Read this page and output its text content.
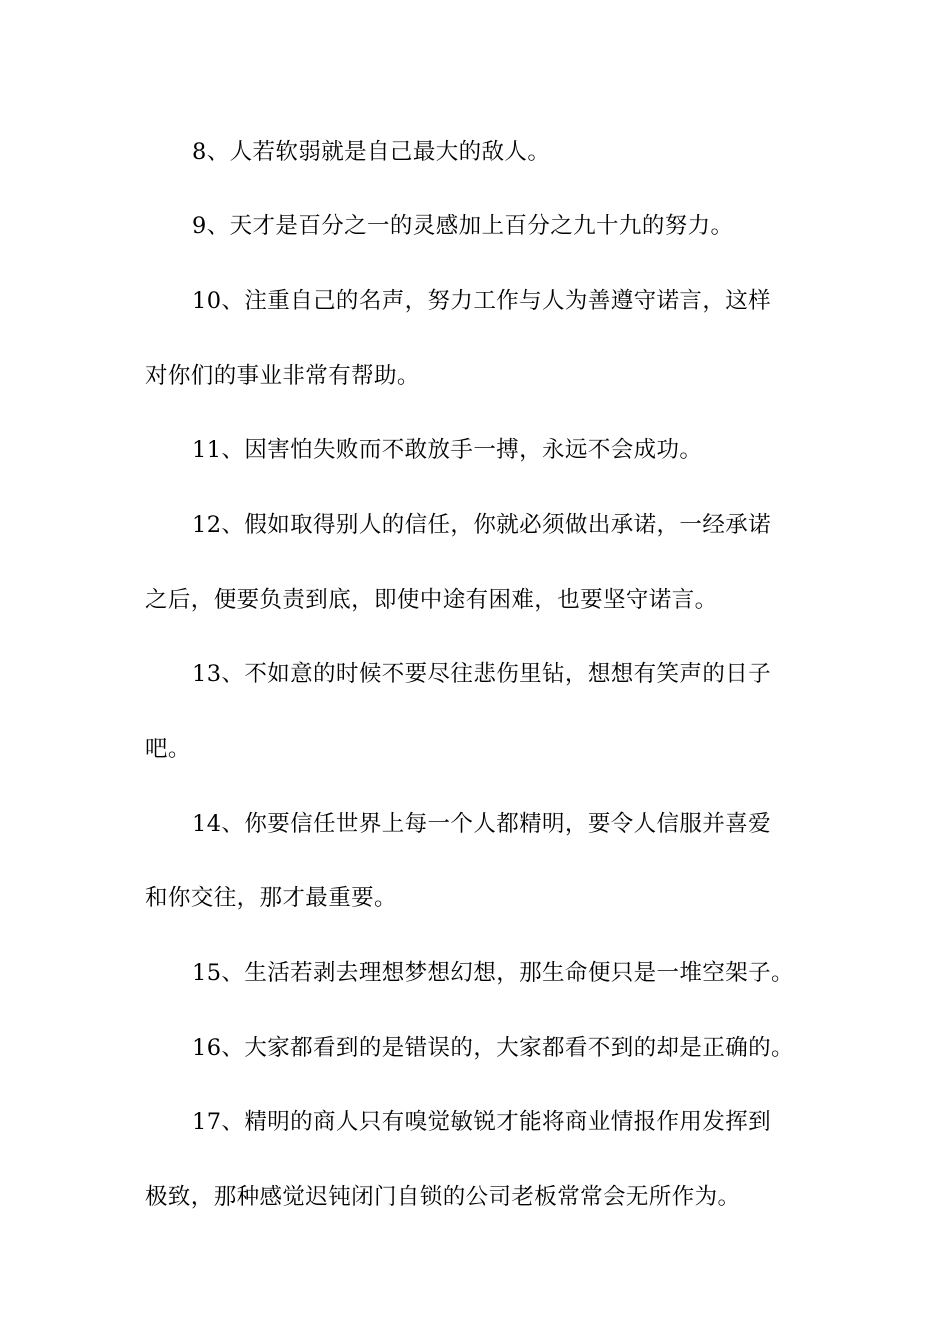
8、人若软弱就是自己最大的敌人。
9、天才是百分之一的灵感加上百分之九十九的努力。
10、注重自己的名声，努力工作与人为善遵守诺言，这样
对你们的事业非常有帮助。
11、因害怕失败而不敢放手一搏，永远不会成功。
12、假如取得别人的信任，你就必须做出承诺，一经承诺
之后，便要负责到底，即使中途有困难，也要坚守诺言。
13、不如意的时候不要尽往悲伤里钻，想想有笑声的日子
吧。
14、你要信任世界上每一个人都精明，要令人信服并喜爱
和你交往，那才最重要。
15、生活若剥去理想梦想幻想，那生命便只是一堆空架子。
16、大家都看到的是错误的，大家都看不到的却是正确的。
17、精明的商人只有嗅觉敏锐才能将商业情报作用发挥到
极致，那种感觉迟钝闭门自锁的公司老板常常会无所作为。
